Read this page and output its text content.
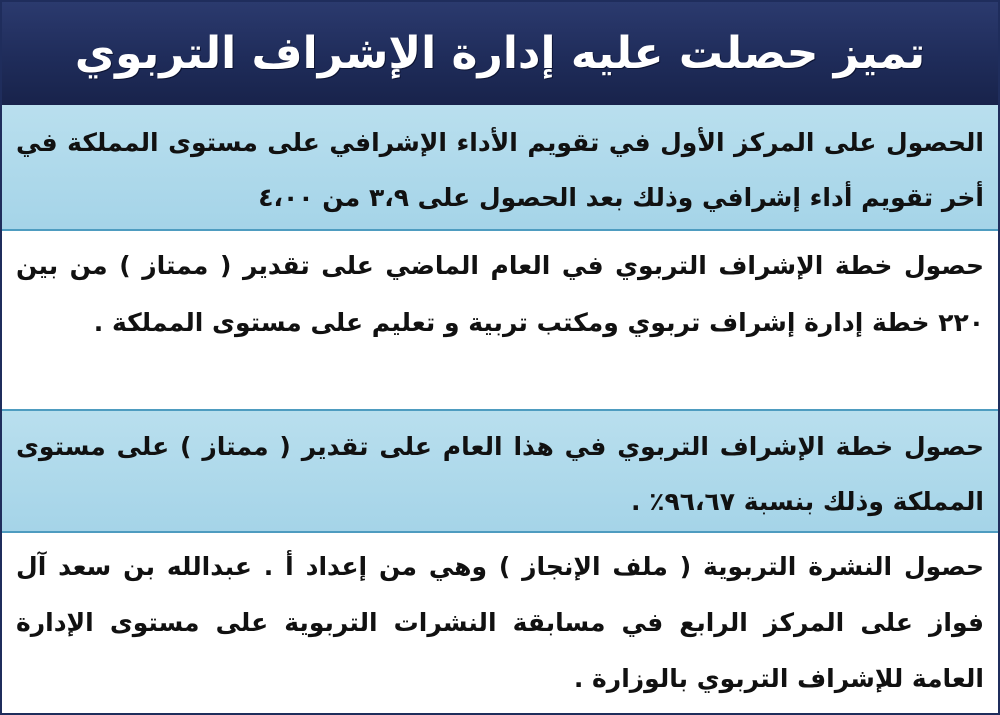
تميز حصلت عليه إدارة الإشراف التربوي
الحصول على المركز الأول في تقويم الأداء الإشرافي على مستوى المملكة في أخر تقويم أداء إشرافي وذلك بعد الحصول على ٣،٩ من ٤،٠٠
حصول خطة الإشراف التربوي في العام الماضي على تقدير ( ممتاز ) من بين ٢٢٠ خطة إدارة إشراف تربوي ومكتب تربية و تعليم على مستوى المملكة .
حصول خطة الإشراف التربوي في هذا العام على تقدير ( ممتاز ) على مستوى المملكة وذلك بنسبة ٩٦،٦٧٪ .
حصول النشرة التربوية ( ملف الإنجاز ) وهي من إعداد أ . عبدالله بن سعد آل فواز على المركز الرابع في مسابقة النشرات التربوية على مستوى الإدارة العامة للإشراف التربوي بالوزارة .
